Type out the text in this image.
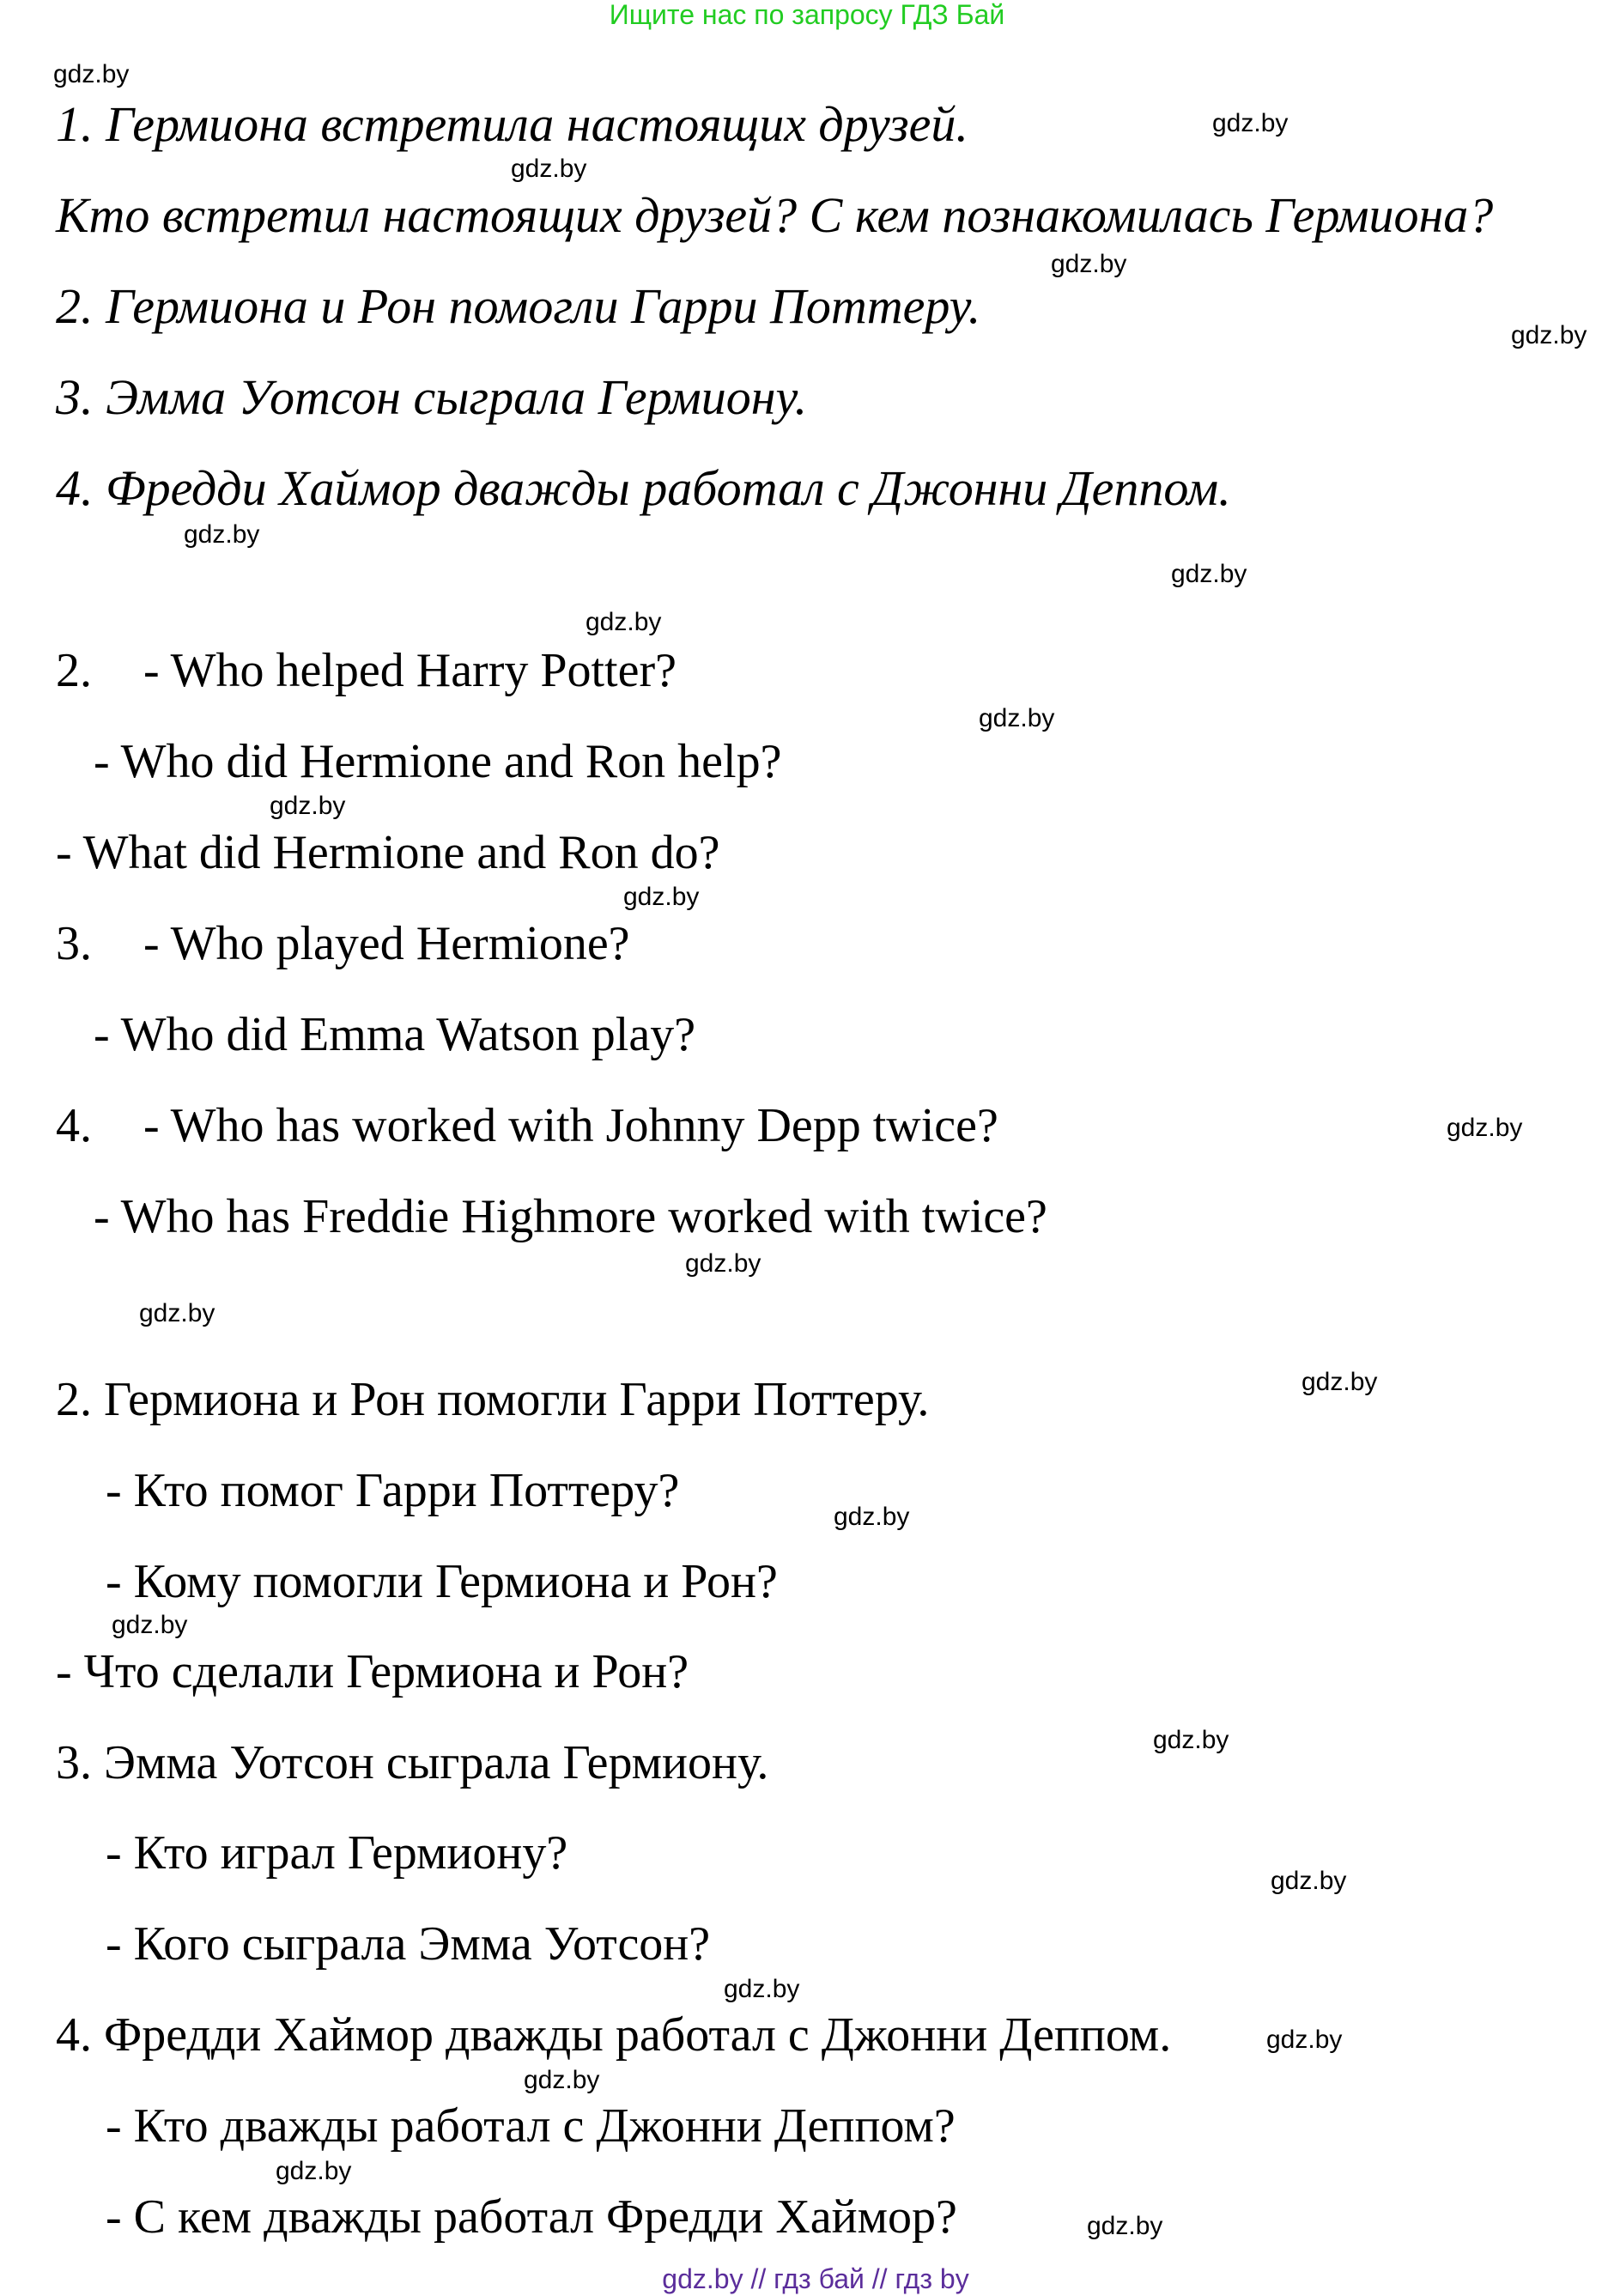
Ищите нас по запросу ГДЗ Бай
1. Гермиона встретила настоящих друзей.
Кто встретил настоящих друзей? С кем познакомилась Гермиона?
2. Гермиона и Рон помогли Гарри Поттеру.
3. Эмма Уотсон сыграла Гермиону.
4. Фредди Хаймор дважды работал с Джонни Деппом.
2. - Who helped Harry Potter?
- Who did Hermione and Ron help?
- What did Hermione and Ron do?
3. - Who played Hermione?
- Who did Emma Watson play?
4. - Who has worked with Johnny Depp twice?
- Who has Freddie Highmore worked with twice?
2. Гермиона и Рон помогли Гарри Поттеру.
- Кто помог Гарри Поттеру?
- Кому помогли Гермиона и Рон?
- Что сделали Гермиона и Рон?
3. Эмма Уотсон сыграла Гермиону.
- Кто играл Гермиону?
- Кого сыграла Эмма Уотсон?
4. Фредди Хаймор дважды работал с Джонни Деппом.
- Кто дважды работал с Джонни Деппом?
- С кем дважды работал Фредди Хаймор?
gdz.by
gdz.by
gdz.by
gdz.by
gdz.by
gdz.by
gdz.by
gdz.by
gdz.by
gdz.by
gdz.by
gdz.by
gdz.by
gdz.by
gdz.by
gdz.by
gdz.by
gdz.by
gdz.by
gdz.by
gdz.by
gdz.by
gdz.by
gdz.by
gdz.by // гдз бай // гдз by
